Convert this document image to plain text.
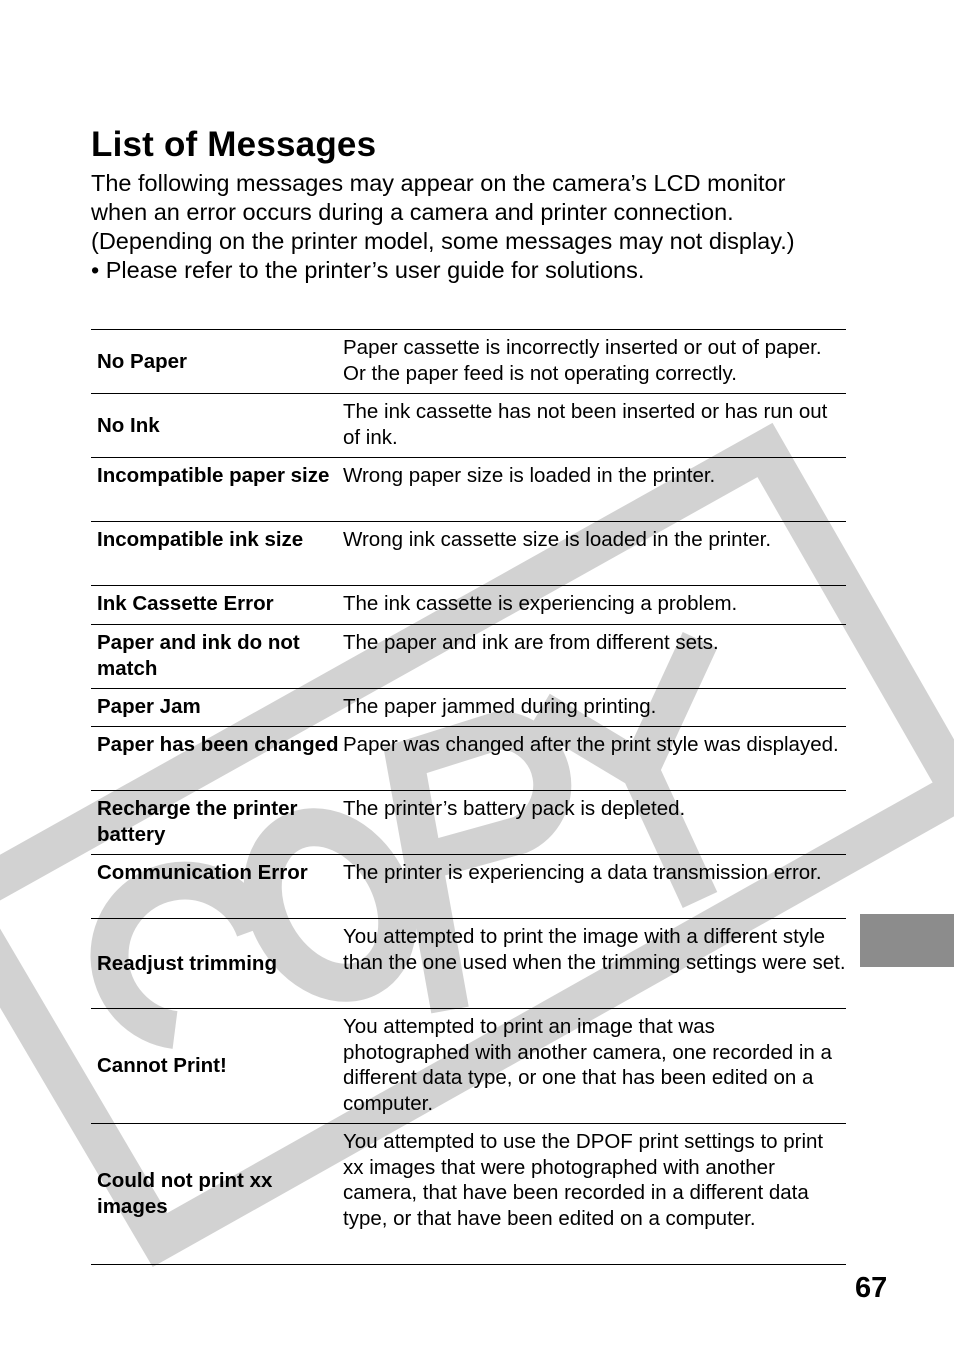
List of Messages

The following messages may appear on the camera’s LCD monitor when an error occurs during a camera and printer connection. (Depending on the printer model, some messages may not display.)

• Please refer to the printer’s user guide for solutions.

No Paper	Paper cassette is incorrectly inserted or out of paper. Or the paper feed is not operating correctly.
No Ink	The ink cassette has not been inserted or has run out of ink.
Incompatible paper size	Wrong paper size is loaded in the printer.
Incompatible ink size	Wrong ink cassette size is loaded in the printer.
Ink Cassette Error	The ink cassette is experiencing a problem.
Paper and ink do not match	The paper and ink are from different sets.
Paper Jam	The paper jammed during printing.
Paper has been changed	Paper was changed after the print style was displayed.
Recharge the printer battery	The printer’s battery pack is depleted.
Communication Error	The printer is experiencing a data transmission error.
Readjust trimming	You attempted to print the image with a different style than the one used when the trimming settings were set.
Cannot Print!	You attempted to print an image that was photographed with another camera, one recorded in a different data type, or one that has been edited on a computer.
Could not print xx images	You attempted to use the DPOF print settings to print xx images that were photographed with another camera, that have been recorded in a different data type, or that have been edited on a computer.
67
